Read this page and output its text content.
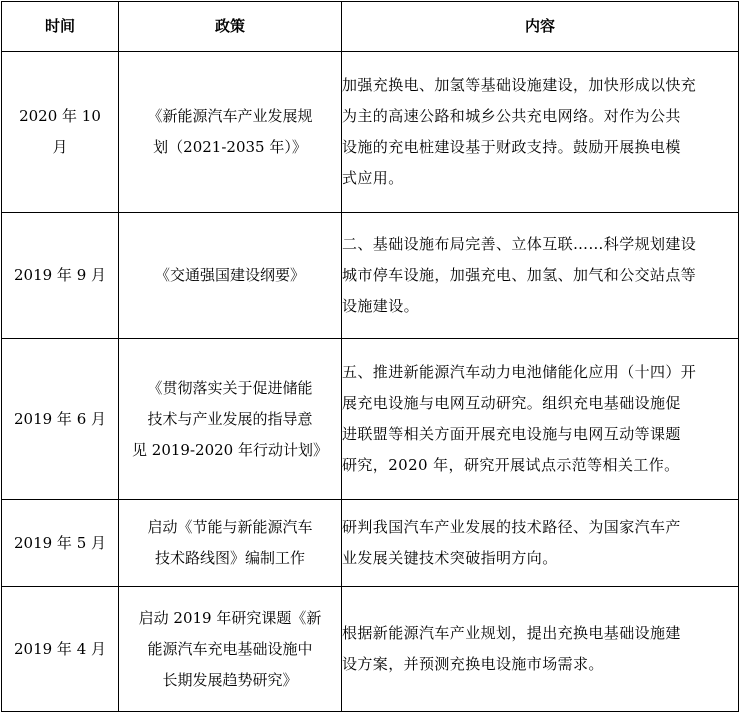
时间	政策	内容

2020 年 10
月	《新能源汽车产业发展规
划（2021-2035 年）》	加强充换电、加氢等基础设施建设，加快形成以快充
为主的高速公路和城乡公共充电网络。对作为公共
设施的充电桩建设基于财政支持。鼓励开展换电模
式应用。

2019 年 9 月	《交通强国建设纲要》	二、基础设施布局完善、立体互联……科学规划建设
城市停车设施，加强充电、加氢、加气和公交站点等
设施建设。

2019 年 6 月	《贯彻落实关于促进储能
技术与产业发展的指导意
见 2019-2020 年行动计划》	五、推进新能源汽车动力电池储能化应用（十四）开
展充电设施与电网互动研究。组织充电基础设施促
进联盟等相关方面开展充电设施与电网互动等课题
研究，2020 年，研究开展试点示范等相关工作。

2019 年 5 月	启动《节能与新能源汽车
技术路线图》编制工作	研判我国汽车产业发展的技术路径、为国家汽车产
业发展关键技术突破指明方向。

2019 年 4 月	启动 2019 年研究课题《新
能源汽车充电基础设施中
长期发展趋势研究》	根据新能源汽车产业规划，提出充换电基础设施建
设方案，并预测充换电设施市场需求。
